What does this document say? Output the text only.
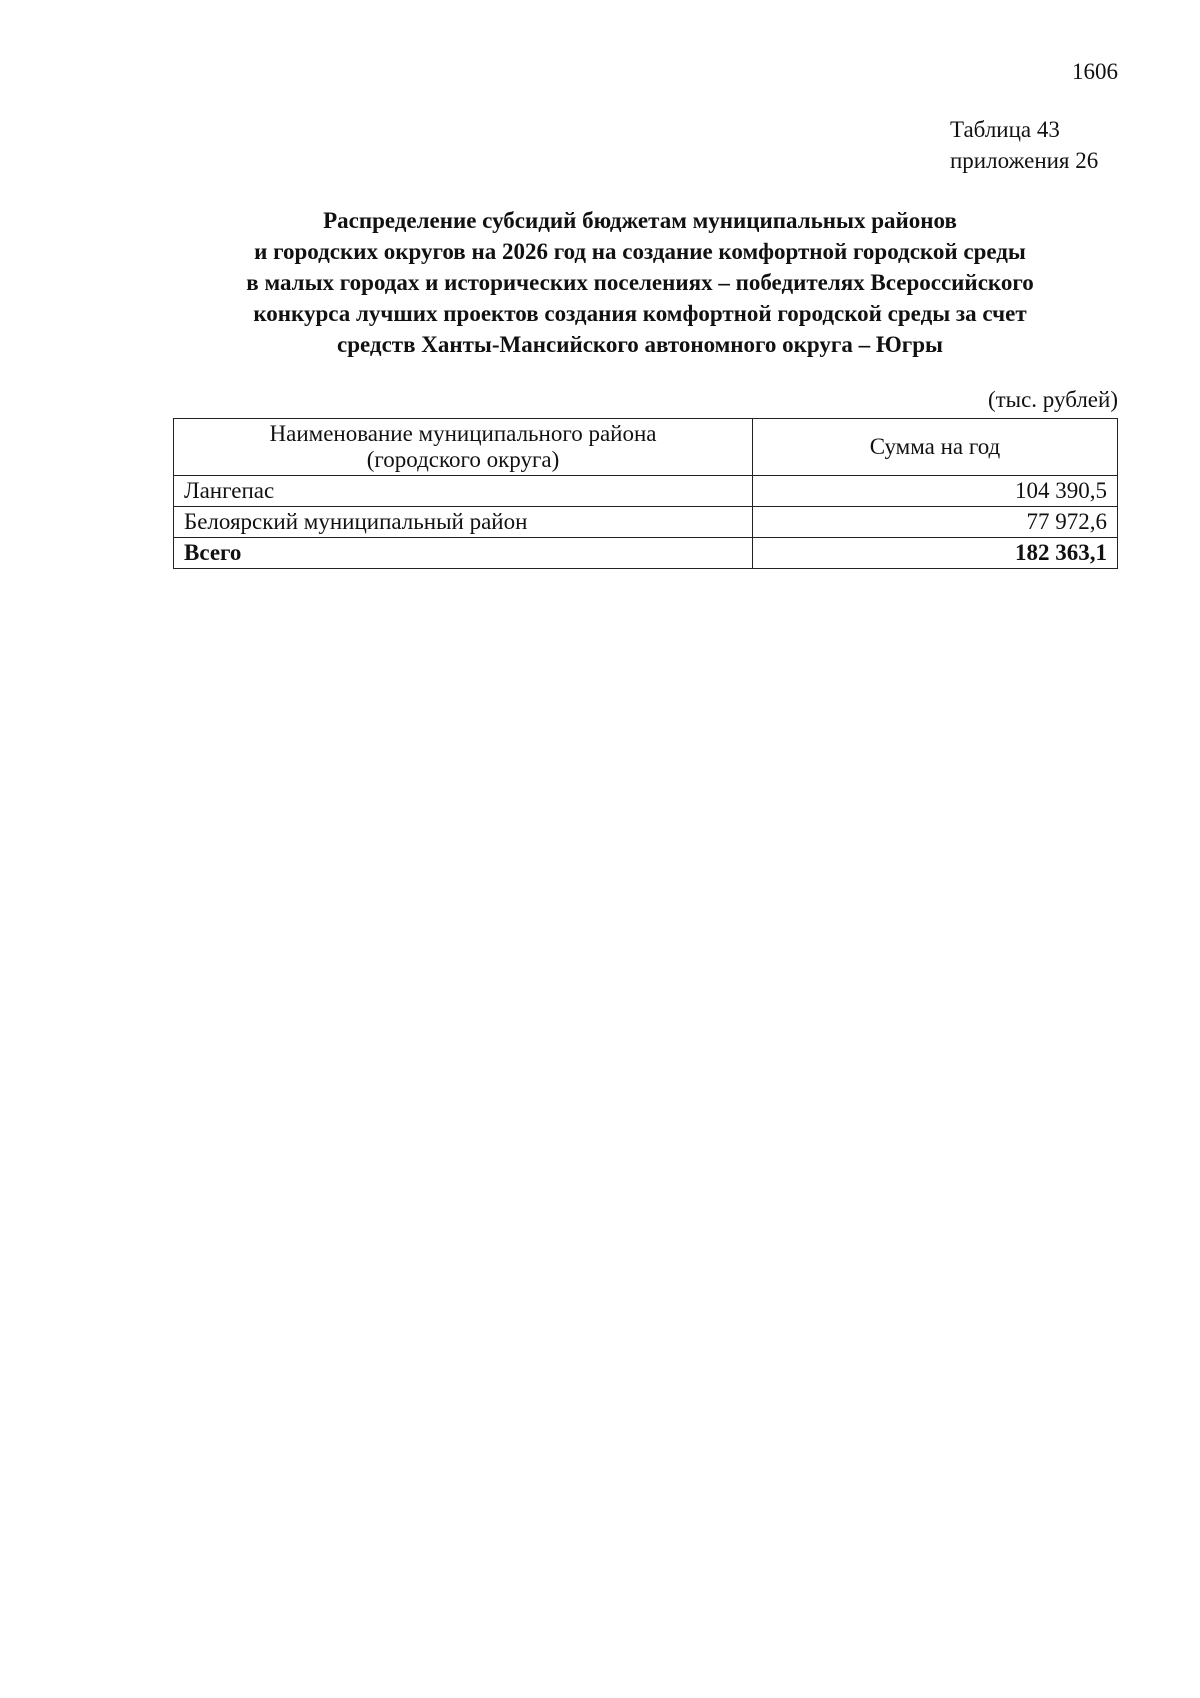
1606
Таблица 43
приложения 26
Распределение субсидий бюджетам муниципальных районов
и городских округов на 2026 год на создание комфортной городской среды
в малых городах и исторических поселениях – победителях Всероссийского
конкурса лучших проектов создания комфортной городской среды за счет
средств Ханты-Мансийского автономного округа – Югры
(тыс. рублей)
Наименование муниципального района
(городского округа)	Сумма на год
Лангепас	104 390,5
Белоярский муниципальный район	77 972,6
Всего	182 363,1
